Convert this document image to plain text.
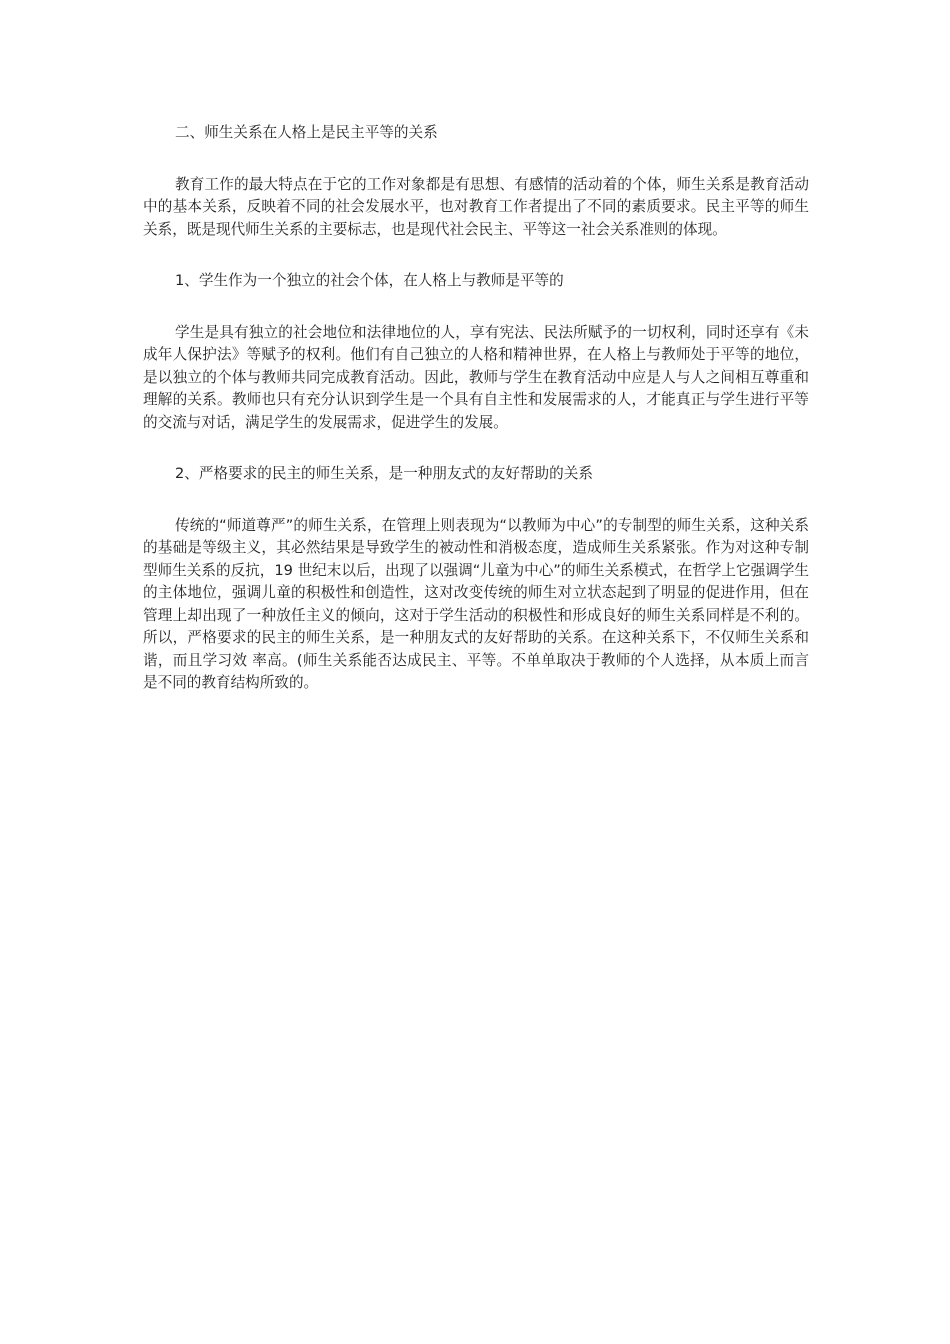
二、师生关系在人格上是民主平等的关系

教育工作的最大特点在于它的工作对象都是有思想、有感情的活动着的个体，师生关系是教育活动中的基本关系，反映着不同的社会发展水平，也对教育工作者提出了不同的素质要求。民主平等的师生关系，既是现代师生关系的主要标志，也是现代社会民主、平等这一社会关系准则的体现。

1、学生作为一个独立的社会个体，在人格上与教师是平等的

学生是具有独立的社会地位和法律地位的人，享有宪法、民法所赋予的一切权利，同时还享有《未成年人保护法》等赋予的权利。他们有自己独立的人格和精神世界，在人格上与教师处于平等的地位，是以独立的个体与教师共同完成教育活动。因此，教师与学生在教育活动中应是人与人之间相互尊重和理解的关系。教师也只有充分认识到学生是一个具有自主性和发展需求的人，才能真正与学生进行平等的交流与对话，满足学生的发展需求，促进学生的发展。

2、严格要求的民主的师生关系，是一种朋友式的友好帮助的关系

传统的“师道尊严”的师生关系，在管理上则表现为“以教师为中心”的专制型的师生关系，这种关系的基础是等级主义，其必然结果是导致学生的被动性和消极态度，造成师生关系紧张。作为对这种专制型师生关系的反抗，19 世纪末以后，出现了以强调“儿童为中心”的师生关系模式，在哲学上它强调学生的主体地位，强调儿童的积极性和创造性，这对改变传统的师生对立状态起到了明显的促进作用，但在管理上却出现了一种放任主义的倾向，这对于学生活动的积极性和形成良好的师生关系同样是不利的。所以，严格要求的民主的师生关系，是一种朋友式的友好帮助的关系。在这种关系下，不仅师生关系和谐，而且学习效 率高。(师生关系能否达成民主、平等。不单单取决于教师的个人选择，从本质上而言是不同的教育结构所致的。
